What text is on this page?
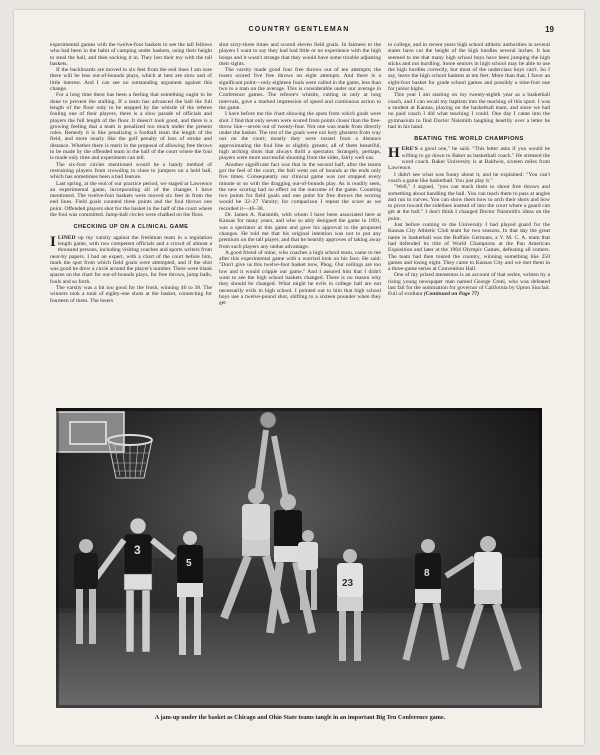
COUNTRY GENTLEMAN	19

experimental games with the twelve-foot baskets to see the tall fellows who had been in the habit of camping under baskets, using their height to steal the ball, and then socking it in. They lost their toy with the tall baskets.

If the backboards are moved in six feet from the end lines I am sure there will be less out-of-bounds plays, which at best are slow and of little interest. And I can see no outstanding argument against this change.

For a long time there has been a feeling that something ought to be done to prevent the stalling. If a team has advanced the ball the full length of the floor only to be stopped by the whistle of the referee fouling one of their players, there is a slow parade of officials and players the full length of the floor. It doesn't look good, and there is a growing feeling that a team is penalized too much under the present rules. Remedy it is like penalizing a football team the length of the field, and more nearly like the golf penalty of loss of stroke and distance. Whether there is merit in the proposal of allowing free throws to be made by the offended team in the half of the court where the foul is made only time and experiment can tell.

The six-foot circles mentioned would be a handy method of restraining players from crowding in close to jumpers on a held ball, which has sometimes been a bad feature.

Last spring, at the end of our practice period, we staged at Lawrence an experimental game, incorporating all of the changes I have mentioned. The twelve-foot baskets were moved six feet in from the end lines. Field goals counted three points and the foul throws one point. Offended players shot for the basket in the half of the court where the foul was committed. Jump-ball circles were chalked on the floor.

CHECKING UP ON A CLINICAL GAME

ILINED up my varsity against the freshman team in a regulation length game, with two competent officials and a crowd of almost a thousand persons, including visiting coaches and sports writers from near-by papers. I had an expert, with a chart of the court before him, mark the spot from which field goals were attempted, and if the shot was good he drew a circle around the player's number. There were blank spaces on the chart for out-of-bounds plays, for free throws, jump balls, fouls and so forth.

The varsity was a bit too good for the frosh, winning 46 to 38. The winners took a total of eighty-one shots at the basket, connecting for fourteen of them. The losers

shot sixty-three times and scored eleven field goals. In fairness to the players I want to say they had had little or no experience with the high hoops and it wasn't strange that they would have some trouble adjusting their sights.

The varsity made good four free throws out of ten attempts; the losers scored five free throws on eight attempts. And there is a significant point—only eighteen fouls were called in the game, less than two to a man on the average. This is considerable under our average in Conference games. The referee's whistle, cutting in only at long intervals, gave a marked impression of speed and continuous action to the game.

I have before me the chart showing the spots from which goals were shot. I find that only seven were scored from points closer than the free-throw line—seven out of twenty-four. Not one was made from directly under the basket. The rest of the goals were not holy ghosters from way out on the court; mostly they were tossed from a distance approximating the foul line or slightly greater, all of them beautiful, high arching shots that always thrill a spectator. Strangely, perhaps, players were more successful shooting from the sides, fairly well out.

Another significant fact was that in the second half, after the teams got the feel of the court, the ball went out of bounds at the ends only five times. Consequently our clinical game was not stopped every minute or so with the dragging out-of-bounds play. As is readily seen, the new scoring had no effect on the outcome of the game. Counting two points for field goals and one point for free throws the scoring would be 32–27 Varsity; for comparison I repeat the score as we recorded it—46–38.

Dr. James A. Naismith, with whom I have been associated here at Kansas for many years, and who so ably designed the game in 1891, was a spectator at this game and gave his approval to the proposed changes. He told me that his original intention was not to put any premium on the tall player, and that he heartily approves of taking away from such players any undue advantage.

A good friend of mine, who coaches a high school team, came to me after this experimental game with a worried look on his face. He said: "Don't give us this twelve-foot basket now, Phog. Our ceilings are too low and it would cripple our game." And I assured him that I didn't want to see the high school baskets changed. There is no reason why they should be changed. What might be evils in college ball are not necessarily evils in high school. I pointed out to him that high school boys use a twelve-pound shot, shifting to a sixteen pounder when they get

to college, and in recent years high school athletic authorities in several states have cut the height of the high hurdles several inches. It has seemed to me that many high school boys have been jumping the high sticks and not hurdling. Some seniors in high school may be able to use the high hurdles correctly, but most of the underclass boys can't. So I say, leave the high school baskets at ten feet. More than that, I favor an eight-foot basket for grade school games and possibly a nine-foot one for junior highs.

This year I am starting on my twenty-eighth year as a basketball coach, and I can recall my baptism into the teaching of this sport. I was a student at Kansas, playing on the basketball team, and since we had no paid coach I did what teaching I could. One day I came into the gymnasium to find Doctor Naismith laughing heartily over a letter he had in his hand.

BEATING THE WORLD CHAMPIONS

HERE'S a good one," he said. "This letter asks if you would be willing to go down to Baker as basketball coach." He stressed the word coach. Baker University is at Baldwin, sixteen miles from Lawrence.

I didn't see what was funny about it, and he explained: "You can't coach a game like basketball. You just play it."

"Well," I argued, "you can teach them to shoot free throws and something about handling the ball. You can teach them to pass at angles and run in curves. You can show them how to arch their shots and how to pivot toward the sidelines instead of into the court where a guard can get at the ball." I don't think I changed Doctor Naismith's ideas on the point.

Just before coming to the University I had played guard for the Kansas City Athletic Club team for two seasons. In that day the great name in basketball was the Buffalo Germans, a Y. M. C. A. team that had defended its title of World Champions at the Pan American Exposition and later at the 1904 Olympic Games, defeating all comers. The team had then toured the country, winning something like 250 games and losing eight. They came to Kansas City and we met them in a three-game series at Convention Hall.

One of my prized mementos is an account of that series, written by a rising young newspaper man named George Creel, who was defeated last fall for the nomination for governor of California by Upton Sinclair. Full of exultant (Continued on Page 77)

3
5
23
8
A jam-up under the basket as Chicago and Ohio State teams tangle in an important Big Ten Conference game.
